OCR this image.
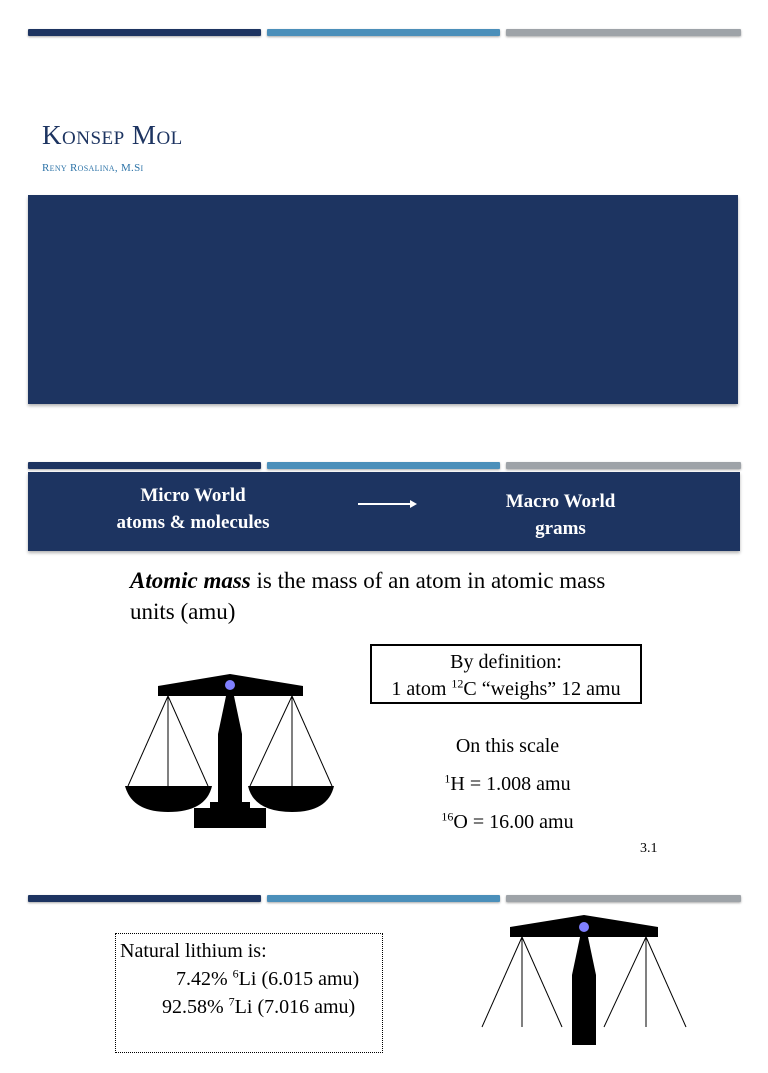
Konsep Mol
Reny Rosalina, M.Si
Micro World
atoms & molecules
Macro World
grams
Atomic mass is the mass of an atom in atomic mass units (amu)
By definition:
1 atom $^{12}$C “weighs” 12 amu
On this scale
$^1$H = 1.008 amu
$^{16}$O = 16.00 amu
3.1
Natural lithium is:
7.42% $^6$Li (6.015 amu)
92.58% $^7$Li (7.016 amu)
